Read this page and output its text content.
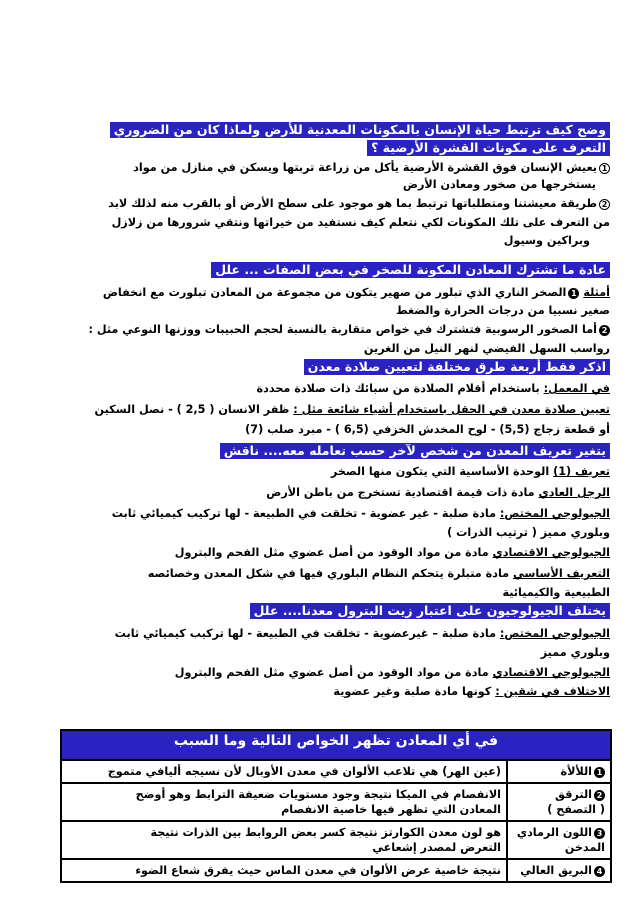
وضح كيف ترتبط حياة الإنسان بالمكونات المعدنية للأرض ولماذا كان من الضروري
التعرف على مكونات القشرة الأرضية ؟
1يعيش الإنسان فوق القشرة الأرضية يأكل من زراعة تربتها ويسكن في منازل من مواد
يستخرجها من صخور ومعادن الأرض
2طريقة معيشتنا ومتطلباتها ترتبط بما هو موجود على سطح الأرض أو بالقرب منه لذلك لابد
من التعرف على تلك المكونات لكي نتعلم كيف نستفيد من خيراتها ونتقي شرورها من زلازل
وبراكين وسيول
عادة ما تشترك المعادن المكونة للصخر في بعض الصفات ... علل
أمثلة 1الصخر الناري الذي تبلور من صهير يتكون من مجموعة من المعادن تبلورت مع انخفاض
صغير نسبيا من درجات الحرارة والضغط
2أما الصخور الرسوبية فتشترك في خواص متقاربة بالنسبة لحجم الحبيبات ووزنها النوعي مثل :
رواسب السهل الفيضي لنهر النيل من الغرين
اذكر فقط أربعة طرق مختلفة لتعيين صلادة معدن
في المعمل: باستخدام أقلام الصلادة من سبائك ذات صلادة محددة
تعيين صلادة معدن في الحقل باستخدام أشياء شائعة مثل : ظفر الانسان ( 2,5 ) - نصل السكين
أو قطعة زجاج (5,5) - لوح المخدش الخزفي (6,5 ) - مبرد صلب (7)
يتغير تعريف المعدن من شخص لآخر حسب تعامله معه.... ناقش
تعريف (1) الوحدة الأساسية التي يتكون منها الصخر
الرجل العادي مادة ذات قيمة اقتصادية تستخرج من باطن الأرض
الجيولوجي المختص: مادة صلبة - غير عضوية - تخلقت في الطبيعة - لها تركيب كيميائي ثابت
وبلوري مميز ( ترتيب الذرات )
الجيولوجي الاقتصادي مادة من مواد الوقود من أصل عضوي مثل الفحم والبترول
التعريف الأساسي مادة متبلرة يتحكم النظام البلوري فيها في شكل المعدن وخصائصه
الطبيعية والكيميائية
يختلف الجيولوجيون على اعتبار زيت البترول معدنا.... علل
الجيولوجي المختص: مادة صلبة – غيرعضوية - تخلقت في الطبيعة - لها تركيب كيميائي ثابت
وبلوري مميز
الجيولوجي الاقتصادي مادة من مواد الوقود من أصل عضوي مثل الفحم والبترول
الاختلاف في شقين : كونها مادة صلبة وغير عضوية
في أي المعادن تظهر الخواص التالية وما السبب	
1اللألأة	(عين الهر) هي تلاعب الألوان في معدن الأوبال لأن نسيجه أليافي متموج

2الترقق
( التصفح )	الانفصام في الميكا نتيجة وجود مستويات ضعيفة الترابط وهو أوضح
المعادن التي تظهر فيها خاصية الانفصام
3اللون الرمادي
المدخن	هو لون معدن الكوارتز نتيجة كسر بعض الروابط بين الذرات نتيجة
التعرض لمصدر إشعاعي
4البريق العالي	نتيجة خاصية عرض الألوان في معدن الماس حيث يفرق شعاع الضوء
